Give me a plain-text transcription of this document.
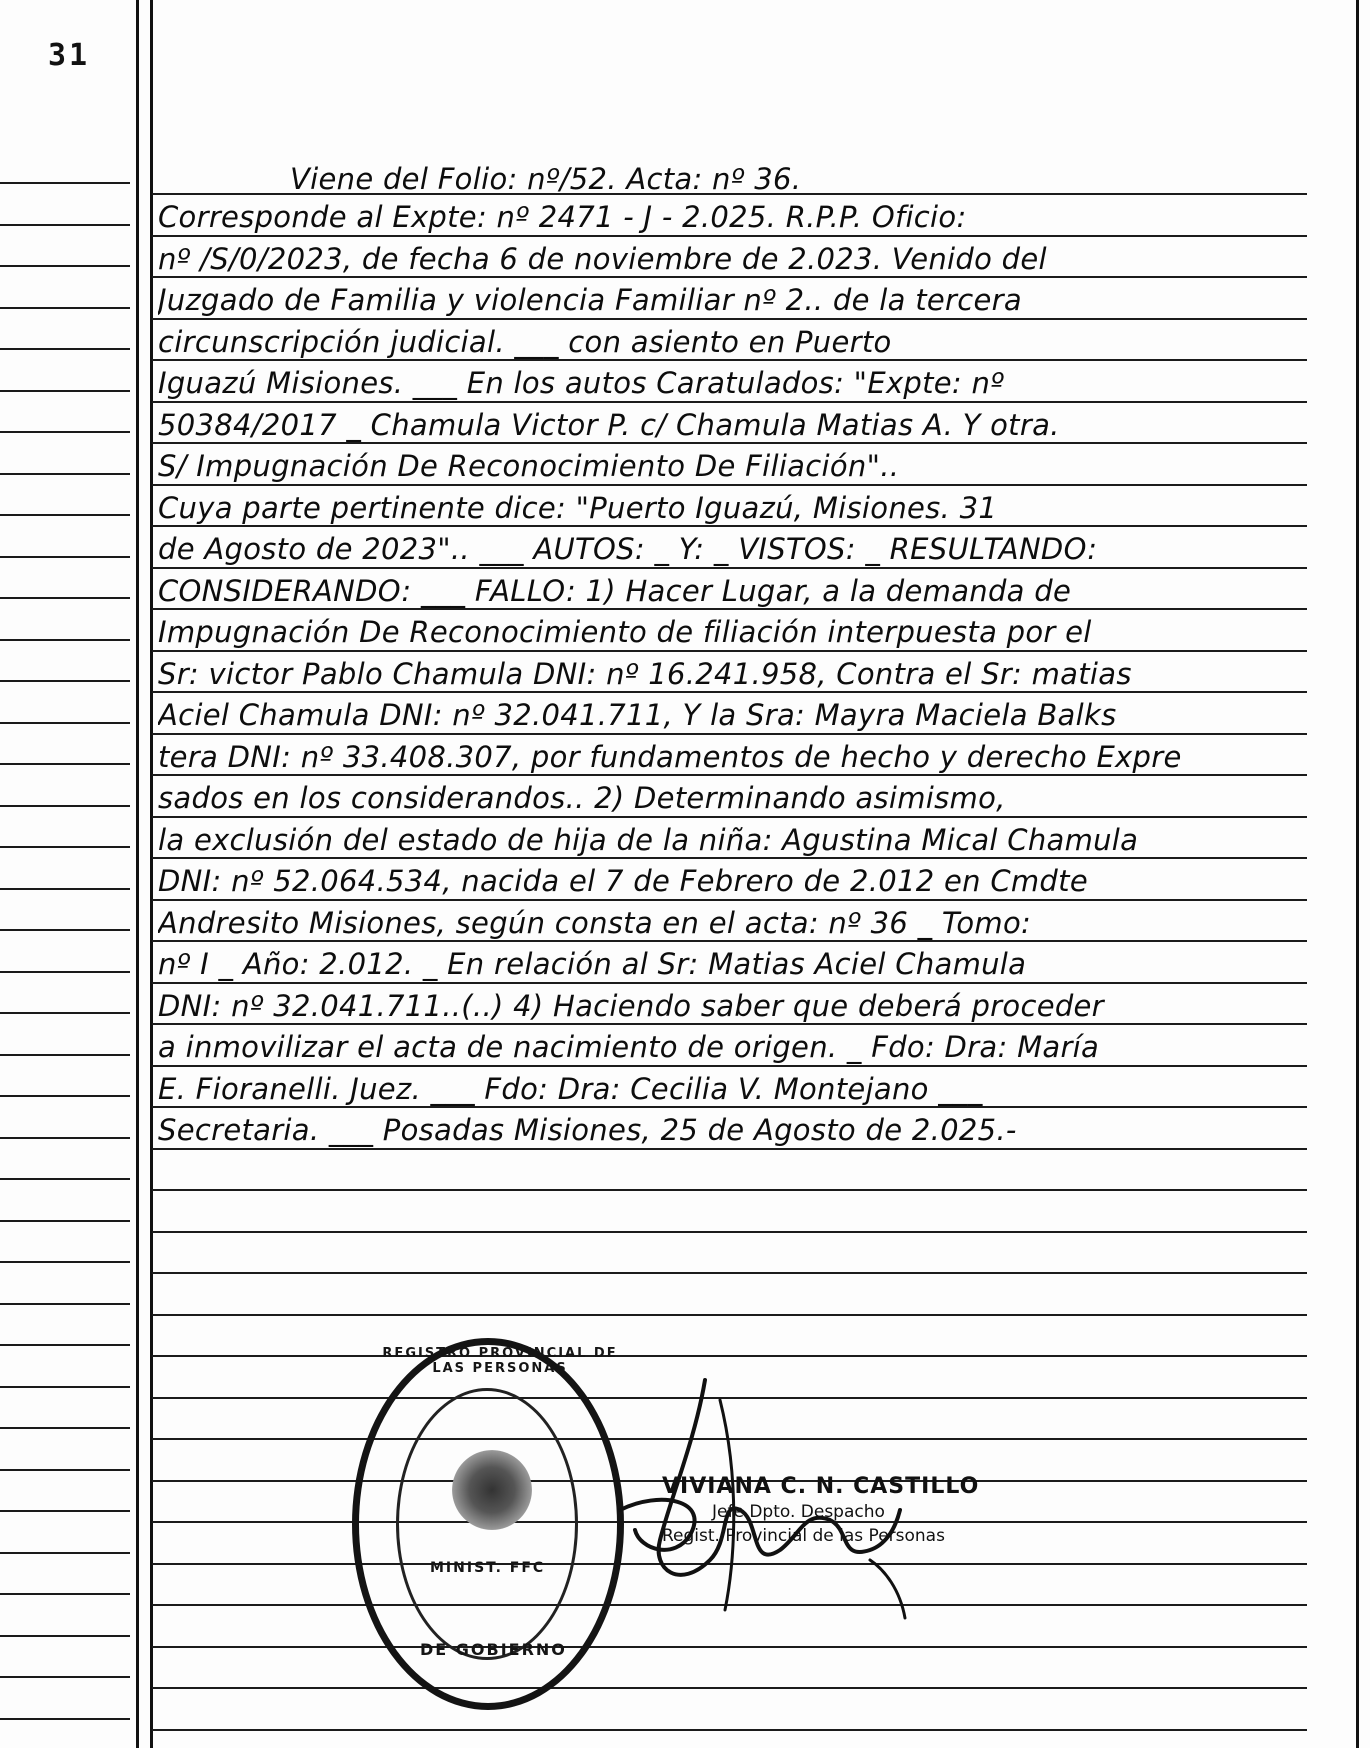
31
Viene del Folio: nº/52. Acta: nº 36.
Corresponde al Expte: nº 2471 - J - 2.025. R.P.P. Oficio:
nº /S/0/2023, de fecha 6 de noviembre de 2.023. Venido del
Juzgado de Familia y violencia Familiar nº 2.. de la tercera
circunscripción judicial. ___ con asiento en Puerto
Iguazú Misiones. ___ En los autos Caratulados: "Expte: nº
50384/2017 _ Chamula Victor P. c/ Chamula Matias A. Y otra.
S/ Impugnación De Reconocimiento De Filiación"..
Cuya parte pertinente dice: "Puerto Iguazú, Misiones. 31
de Agosto de 2023".. ___ AUTOS: _ Y: _ VISTOS: _ RESULTANDO:
CONSIDERANDO: ___ FALLO: 1) Hacer Lugar, a la demanda de
Impugnación De Reconocimiento de filiación interpuesta por el
Sr: victor Pablo Chamula DNI: nº 16.241.958, Contra el Sr: matias
Aciel Chamula DNI: nº 32.041.711, Y la Sra: Mayra Maciela Balks
tera DNI: nº 33.408.307, por fundamentos de hecho y derecho Expre
sados en los considerandos.. 2) Determinando asimismo,
la exclusión del estado de hija de la niña: Agustina Mical Chamula
DNI: nº 52.064.534, nacida el 7 de Febrero de 2.012 en Cmdte
Andresito Misiones, según consta en el acta: nº 36 _ Tomo:
nº I _ Año: 2.012. _ En relación al Sr: Matias Aciel Chamula
DNI: nº 32.041.711..(..) 4) Haciendo saber que deberá proceder
a inmovilizar el acta de nacimiento de origen. _ Fdo: Dra: María
E. Fioranelli. Juez. ___ Fdo: Dra: Cecilia V. Montejano ___
Secretaria. ___ Posadas Misiones, 25 de Agosto de 2.025.-
REGISTRO PROVINCIAL DE LAS PERSONAS
DE GOBIERNO
MINIST. FFC
VIVIANA C. N. CASTILLO
Jefe Dpto. Despacho
Regist. Provincial de las Personas
